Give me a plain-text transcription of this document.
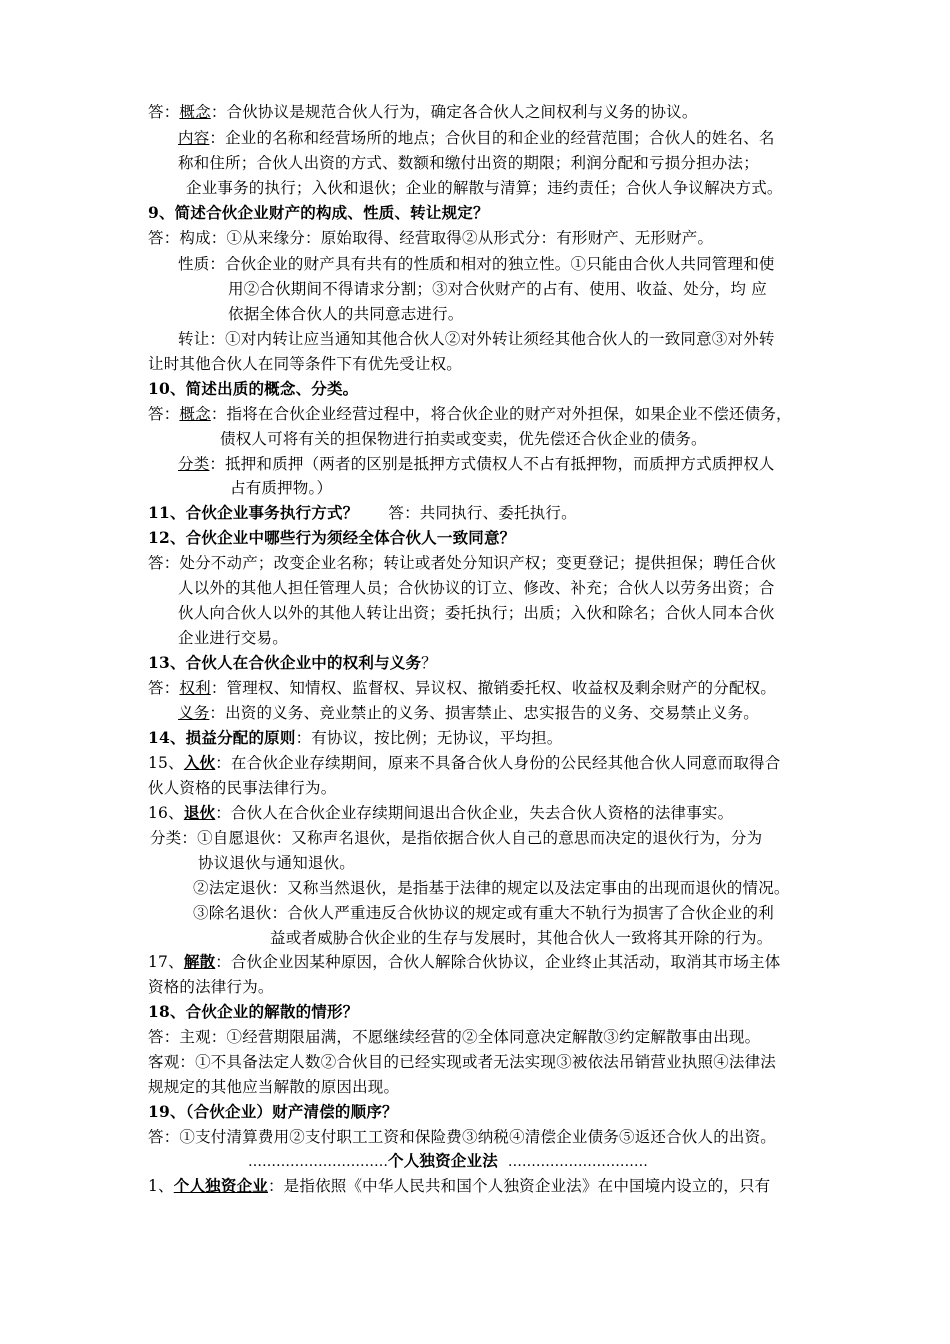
答：概念：合伙协议是规范合伙人行为，确定各合伙人之间权利与义务的协议。
内容：企业的名称和经营场所的地点；合伙目的和企业的经营范围；合伙人的姓名、名
称和住所；合伙人出资的方式、数额和缴付出资的期限；利润分配和亏损分担办法；
企业事务的执行；入伙和退伙；企业的解散与清算；违约责任；合伙人争议解决方式。
9、简述合伙企业财产的构成、性质、转让规定？
答：构成：①从来缘分：原始取得、经营取得②从形式分：有形财产、无形财产。
性质：合伙企业的财产具有共有的性质和相对的独立性。①只能由合伙人共同管理和使
用②合伙期间不得请求分割；③对合伙财产的占有、使用、收益、处分，均 应
依据全体合伙人的共同意志进行。
转让：①对内转让应当通知其他合伙人②对外转让须经其他合伙人的一致同意③对外转
让时其他合伙人在同等条件下有优先受让权。
10、简述出质的概念、分类。
答：概念：指将在合伙企业经营过程中，将合伙企业的财产对外担保，如果企业不偿还债务，
债权人可将有关的担保物进行拍卖或变卖，优先偿还合伙企业的债务。
分类：抵押和质押（两者的区别是抵押方式债权人不占有抵押物，而质押方式质押权人
占有质押物。）
11、合伙企业事务执行方式？ 答：共同执行、委托执行。
12、合伙企业中哪些行为须经全体合伙人一致同意？
答：处分不动产；改变企业名称；转让或者处分知识产权；变更登记；提供担保；聘任合伙
人以外的其他人担任管理人员；合伙协议的订立、修改、补充；合伙人以劳务出资；合
伙人向合伙人以外的其他人转让出资；委托执行；出质；入伙和除名；合伙人同本合伙
企业进行交易。
13、合伙人在合伙企业中的权利与义务？
答：权利：管理权、知情权、监督权、异议权、撤销委托权、收益权及剩余财产的分配权。
义务：出资的义务、竞业禁止的义务、损害禁止、忠实报告的义务、交易禁止义务。
14、损益分配的原则：有协议，按比例；无协议，平均担。
15、入伙：在合伙企业存续期间，原来不具备合伙人身份的公民经其他合伙人同意而取得合
伙人资格的民事法律行为。
16、退伙：合伙人在合伙企业存续期间退出合伙企业，失去合伙人资格的法律事实。
分类：①自愿退伙：又称声名退伙，是指依据合伙人自己的意思而决定的退伙行为，分为
协议退伙与通知退伙。
②法定退伙：又称当然退伙，是指基于法律的规定以及法定事由的出现而退伙的情况。
③除名退伙：合伙人严重违反合伙协议的规定或有重大不轨行为损害了合伙企业的利
益或者威胁合伙企业的生存与发展时，其他合伙人一致将其开除的行为。
17、解散：合伙企业因某种原因，合伙人解除合伙协议，企业终止其活动，取消其市场主体
资格的法律行为。
18、合伙企业的解散的情形？
答：主观：①经营期限届满，不愿继续经营的②全体同意决定解散③约定解散事由出现。
客观：①不具备法定人数②合伙目的已经实现或者无法实现③被依法吊销营业执照④法律法
规规定的其他应当解散的原因出现。
19、（合伙企业）财产清偿的顺序？
答：①支付清算费用②支付职工工资和保险费③纳税④清偿企业债务⑤返还合伙人的出资。
…………………………个人独资企业法 …………………………
1、个人独资企业：是指依照《中华人民共和国个人独资企业法》在中国境内设立的，只有
